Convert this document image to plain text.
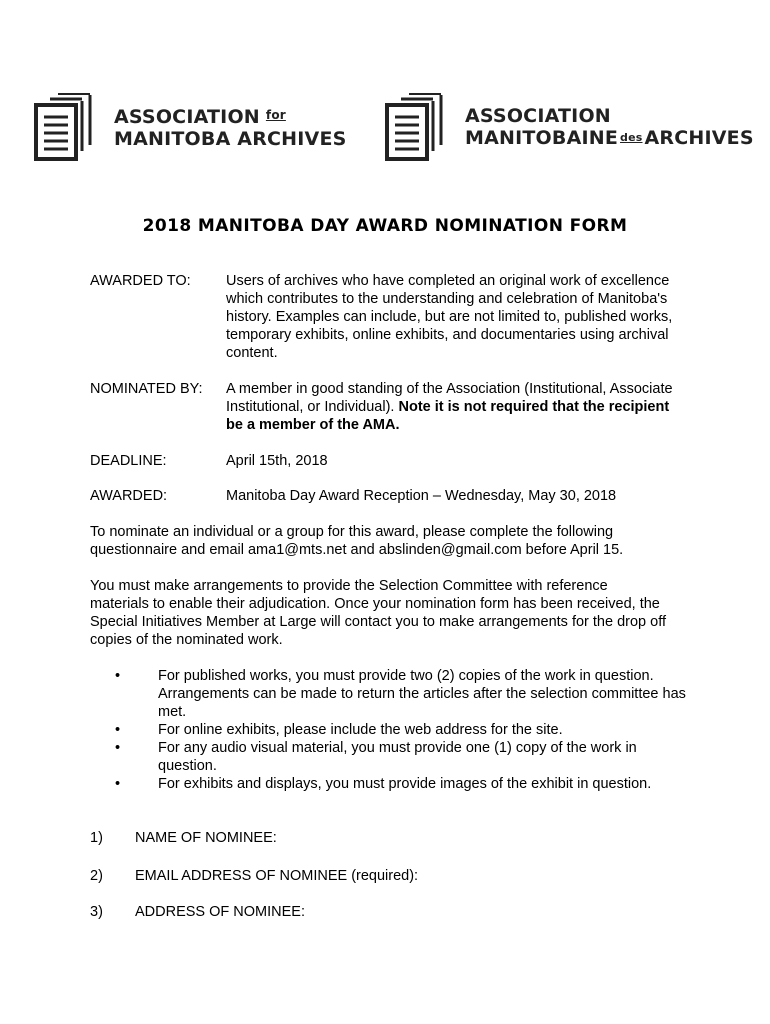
ASSOCIATION $^{for}$
MANITOBA ARCHIVES
ASSOCIATION
MANITOBAINE des ARCHIVES
2018 MANITOBA DAY AWARD NOMINATION FORM
AWARDED TO:	Users of archives who have completed an original work of excellence which contributes to the understanding and celebration of Manitoba's history. Examples can include, but are not limited to, published works, temporary exhibits, online exhibits, and documentaries using archival content.
NOMINATED BY:	A member in good standing of the Association (Institutional, Associate Institutional, or Individual). Note it is not required that the recipient be a member of the AMA.
DEADLINE:	April 15th, 2018
AWARDED:	Manitoba Day Award Reception – Wednesday, May 30, 2018
To nominate an individual or a group for this award, please complete the following questionnaire and email ama1@mts.net and abslinden@gmail.com before April 15.
You must make arrangements to provide the Selection Committee with reference materials to enable their adjudication. Once your nomination form has been received, the Special Initiatives Member at Large will contact you to make arrangements for the drop off copies of the nominated work.
•	For published works, you must provide two (2) copies of the work in question. Arrangements can be made to return the articles after the selection committee has met.
•	For online exhibits, please include the web address for the site.
•	For any audio visual material, you must provide one (1) copy of the work in question.
•	For exhibits and displays, you must provide images of the exhibit in question.
1) NAME OF NOMINEE:
2) EMAIL ADDRESS OF NOMINEE (required):
3) ADDRESS OF NOMINEE:
